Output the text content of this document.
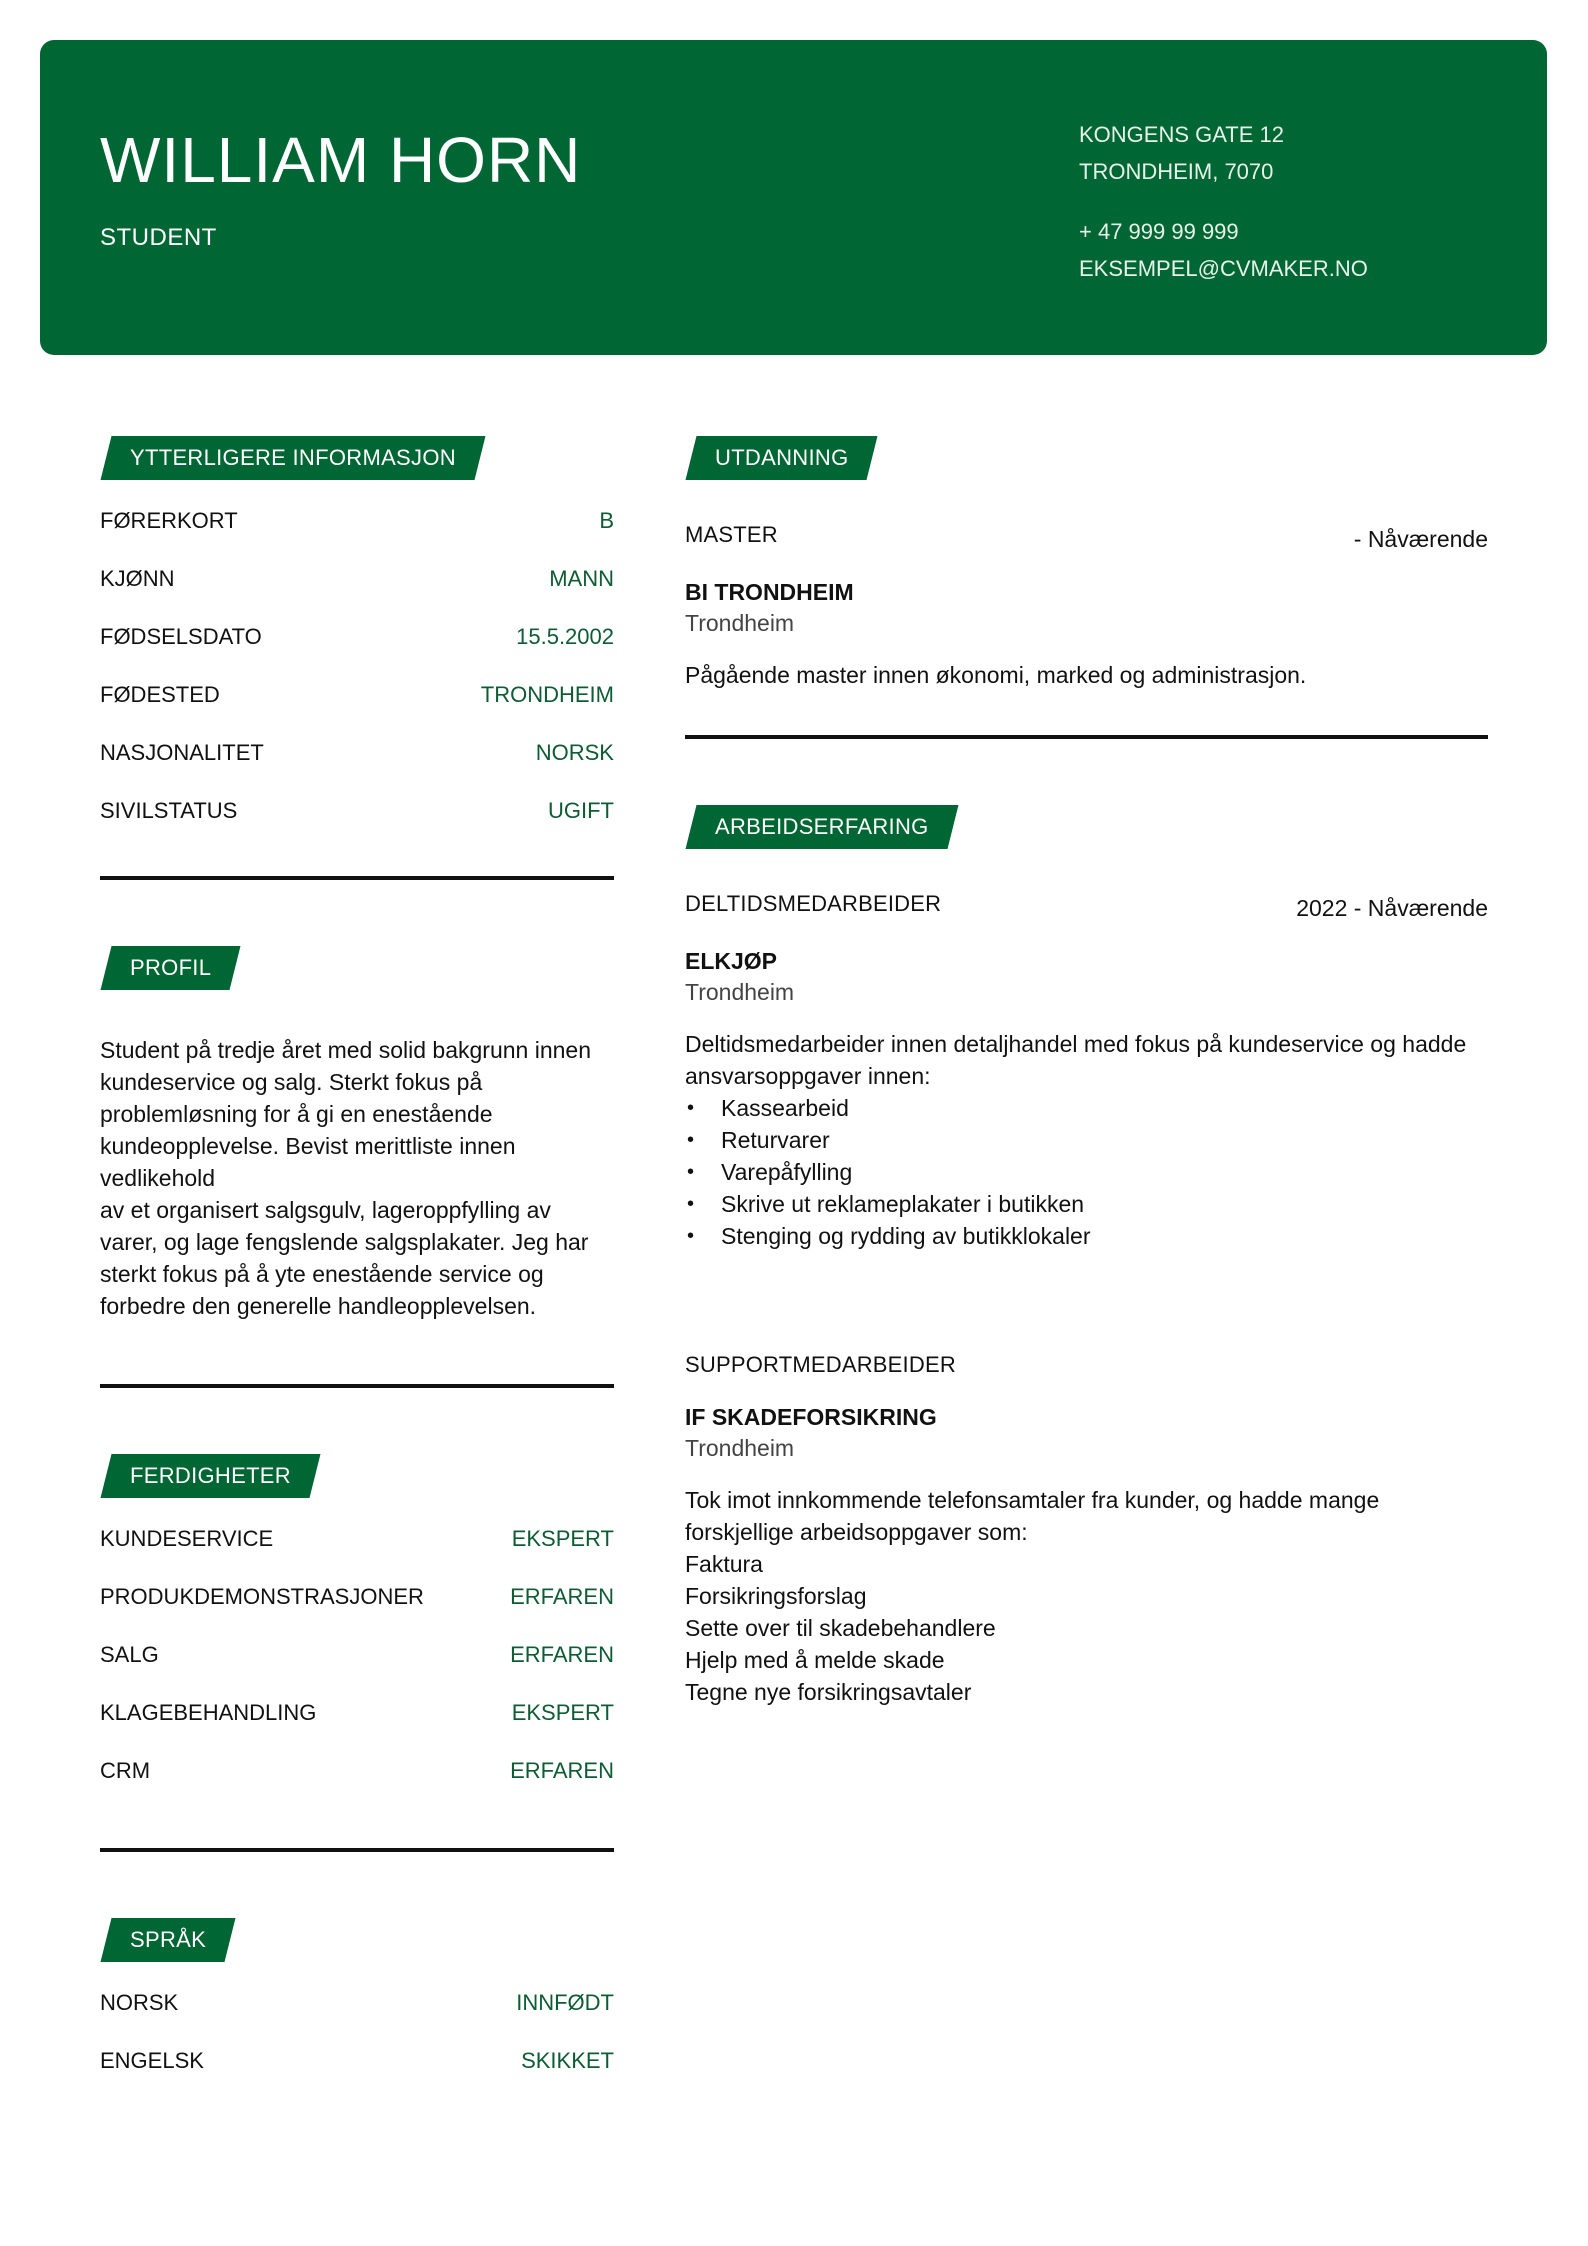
WILLIAM HORN
STUDENT
KONGENS GATE 12
TRONDHEIM, 7070
+ 47 999 99 999
EKSEMPEL@CVMAKER.NO
YTTERLIGERE INFORMASJON
FØRERKORT	B
KJØNN	MANN
FØDSELSDATO	15.5.2002
FØDESTED	TRONDHEIM
NASJONALITET	NORSK
SIVILSTATUS	UGIFT
PROFIL
Student på tredje året med solid bakgrunn innen kundeservice og salg. Sterkt fokus på problemløsning for å gi en enestående kundeopplevelse. Bevist merittliste innen vedlikehold
av et organisert salgsgulv, lageroppfylling av varer, og lage fengslende salgsplakater. Jeg har sterkt fokus på å yte enestående service og forbedre den generelle handleopplevelsen.
FERDIGHETER
KUNDESERVICE	EKSPERT
PRODUKDEMONSTRASJONER	ERFAREN
SALG	ERFAREN
KLAGEBEHANDLING	EKSPERT
CRM	ERFAREN
SPRÅK
NORSK	INNFØDT
ENGELSK	SKIKKET
UTDANNING
MASTER	- Nåværende
BI TRONDHEIM
Trondheim
Pågående master innen økonomi, marked og administrasjon.
ARBEIDSERFARING
DELTIDSMEDARBEIDER	2022 - Nåværende
ELKJØP
Trondheim
Deltidsmedarbeider innen detaljhandel med fokus på kundeservice og hadde ansvarsoppgaver innen:
• Kassearbeid
• Returvarer
• Varepåfylling
• Skrive ut reklameplakater i butikken
• Stenging og rydding av butikklokaler
SUPPORTMEDARBEIDER
IF SKADEFORSIKRING
Trondheim
Tok imot innkommende telefonsamtaler fra kunder, og hadde mange forskjellige arbeidsoppgaver som:
Faktura
Forsikringsforslag
Sette over til skadebehandlere
Hjelp med å melde skade
Tegne nye forsikringsavtaler
